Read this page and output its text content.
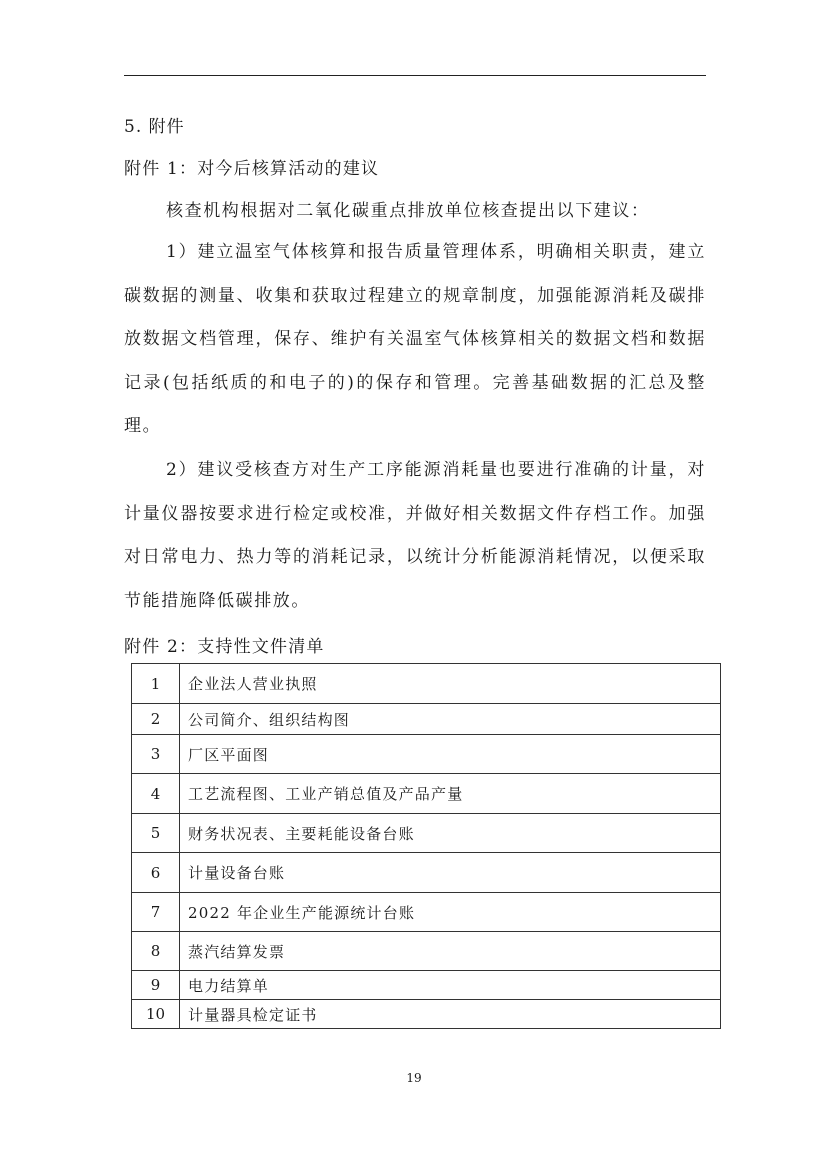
5. 附件
附件 1：对今后核算活动的建议

核查机构根据对二氧化碳重点排放单位核查提出以下建议：

1）建立温室气体核算和报告质量管理体系，明确相关职责，建立碳数据的测量、收集和获取过程建立的规章制度，加强能源消耗及碳排放数据文档管理，保存、维护有关温室气体核算相关的数据文档和数据记录(包括纸质的和电子的)的保存和管理。完善基础数据的汇总及整理。

2）建议受核查方对生产工序能源消耗量也要进行准确的计量，对计量仪器按要求进行检定或校准，并做好相关数据文件存档工作。加强对日常电力、热力等的消耗记录，以统计分析能源消耗情况，以便采取节能措施降低碳排放。

附件 2：支持性文件清单
1	企业法人营业执照
2	公司简介、组织结构图
3	厂区平面图
4	工艺流程图、工业产销总值及产品产量
5	财务状况表、主要耗能设备台账
6	计量设备台账
7	2022 年企业生产能源统计台账
8	蒸汽结算发票
9	电力结算单
10	计量器具检定证书
19
